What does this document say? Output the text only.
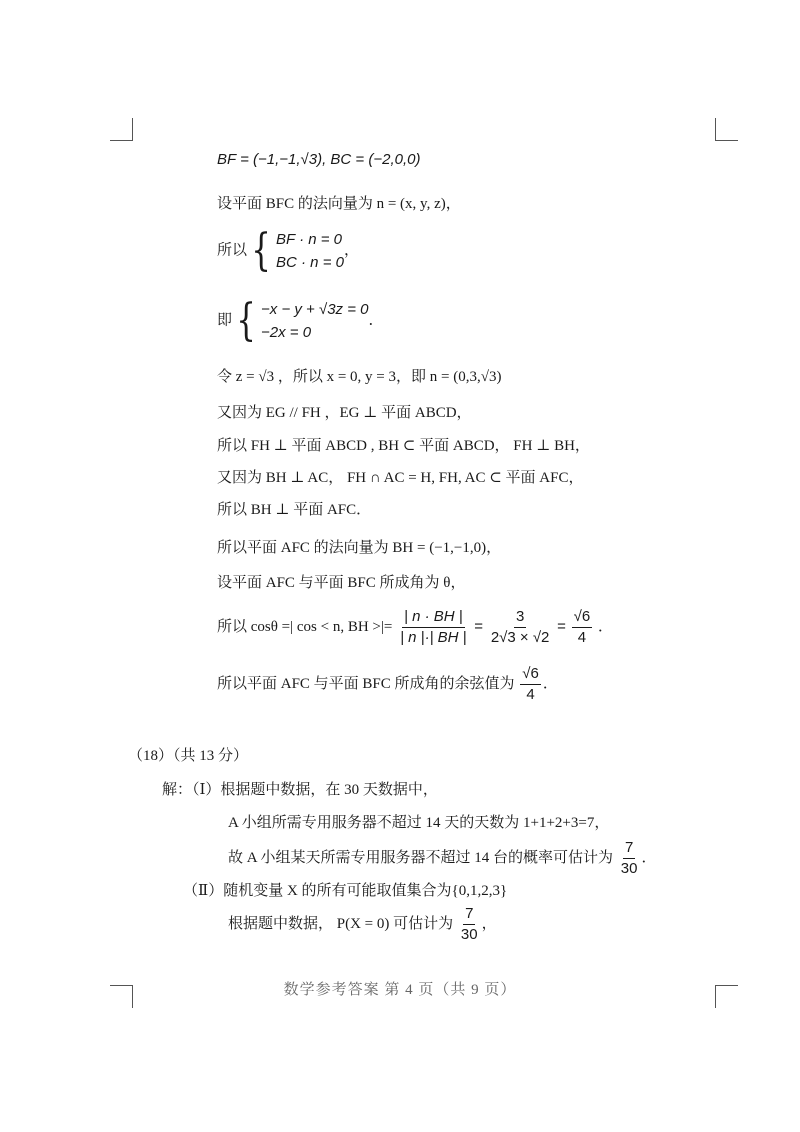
BF = (−1,−1,√3), BC = (−2,0,0)
设平面 BFC 的法向量为 n = (x, y, z)，
所以 { BF · n = 0
BC · n = 0
，
即 { −x − y + √3z = 0
−2x = 0
．
令 z = √3 ，所以 x = 0, y = 3，即 n = (0,3,√3)
又因为 EG // FH ，EG ⊥ 平面 ABCD，
所以 FH ⊥ 平面 ABCD , BH ⊂ 平面 ABCD， FH ⊥ BH，
又因为 BH ⊥ AC， FH ∩ AC = H, FH, AC ⊂ 平面 AFC，
所以 BH ⊥ 平面 AFC．
所以平面 AFC 的法向量为 BH = (−1,−1,0)，
设平面 AFC 与平面 BFC 所成角为 θ，
所以 cosθ =| cos < n, BH >|= $\frac{| n \cdot BH |}{| n |\cdot| BH |} = \frac{3}{2√3 \times √2} = \frac{√6}{4}$ ．
所以平面 AFC 与平面 BFC 所成角的余弦值为 $\frac{√6}{4}$ ．
（18）（共 13 分）
解：（Ⅰ）根据题中数据，在 30 天数据中，
A 小组所需专用服务器不超过 14 天的天数为 1+1+2+3=7，
故 A 小组某天所需专用服务器不超过 14 台的概率可估计为 $\frac{7}{30}$ ．
（Ⅱ）随机变量 X 的所有可能取值集合为{0,1,2,3}
根据题中数据， P(X = 0) 可估计为 $\frac{7}{30}$ ，
数学参考答案 第 4 页（共 9 页）
